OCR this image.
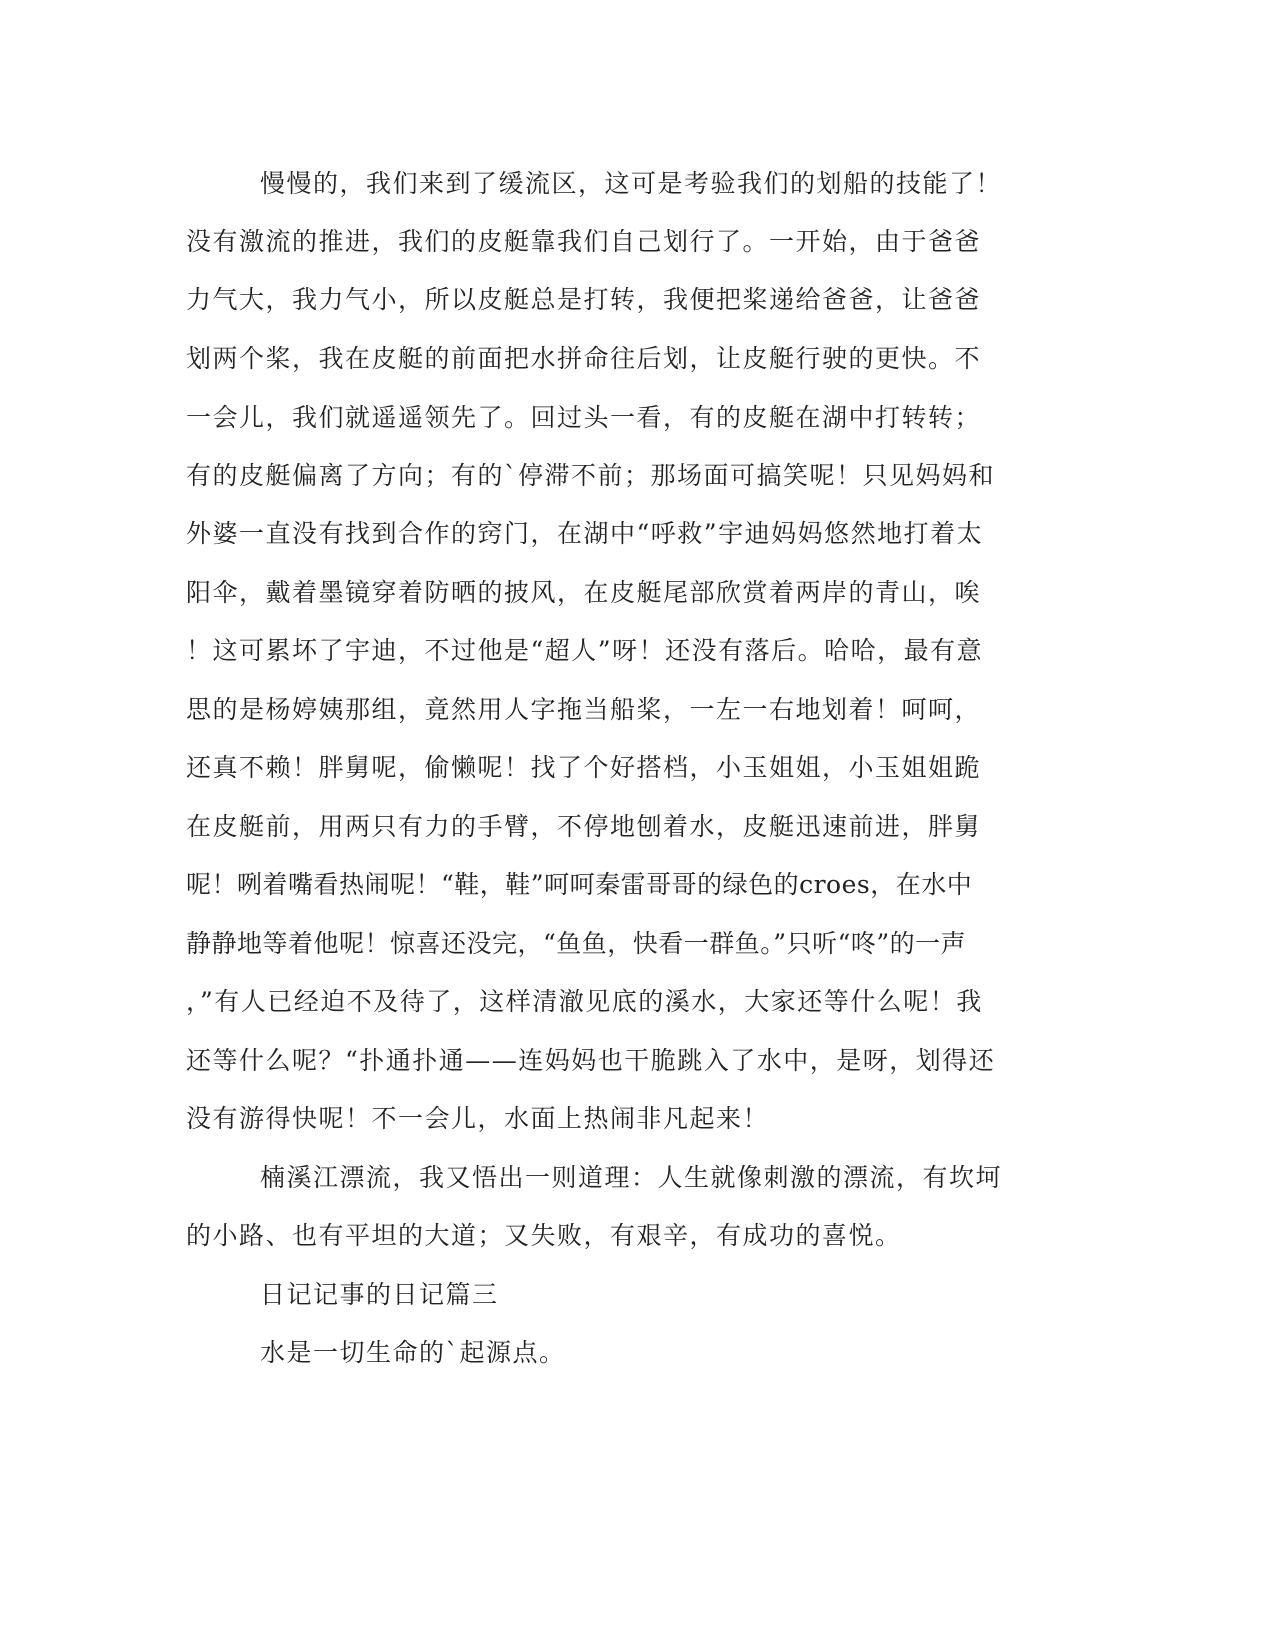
慢慢的，我们来到了缓流区，这可是考验我们的划船的技能了！

没有激流的推进，我们的皮艇靠我们自己划行了。一开始，由于爸爸

力气大，我力气小，所以皮艇总是打转，我便把桨递给爸爸，让爸爸

划两个桨，我在皮艇的前面把水拼命往后划，让皮艇行驶的更快。不

一会儿，我们就遥遥领先了。回过头一看，有的皮艇在湖中打转转；

有的皮艇偏离了方向；有的`停滞不前；那场面可搞笑呢！只见妈妈和

外婆一直没有找到合作的窍门，在湖中“呼救”宇迪妈妈悠然地打着太

阳伞，戴着墨镜穿着防晒的披风，在皮艇尾部欣赏着两岸的青山，唉

！这可累坏了宇迪，不过他是“超人”呀！还没有落后。哈哈，最有意

思的是杨婷姨那组，竟然用人字拖当船桨，一左一右地划着！呵呵，

还真不赖！胖舅呢，偷懒呢！找了个好搭档，小玉姐姐，小玉姐姐跪

在皮艇前，用两只有力的手臂，不停地刨着水，皮艇迅速前进，胖舅

呢！咧着嘴看热闹呢！“鞋，鞋”呵呵秦雷哥哥的绿色的croes，在水中

静静地等着他呢！惊喜还没完，“鱼鱼，快看一群鱼。”只听“咚”的一声

，”有人已经迫不及待了，这样清澈见底的溪水，大家还等什么呢！我

还等什么呢？“扑通扑通——连妈妈也干脆跳入了水中，是呀，划得还

没有游得快呢！不一会儿，水面上热闹非凡起来！

楠溪江漂流，我又悟出一则道理：人生就像刺激的漂流，有坎坷

的小路、也有平坦的大道；又失败，有艰辛，有成功的喜悦。

日记记事的日记篇三

水是一切生命的`起源点。
